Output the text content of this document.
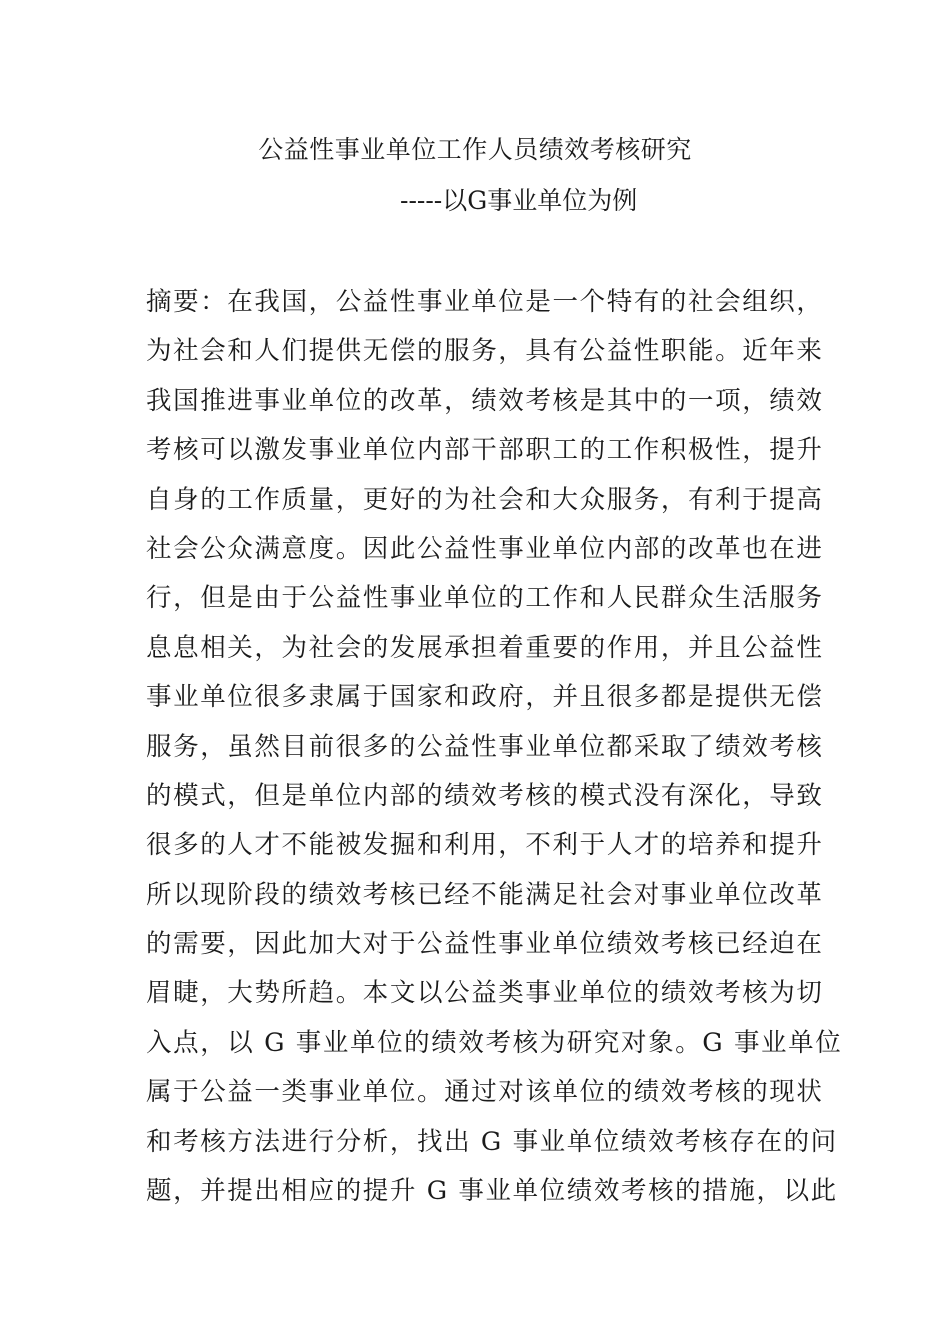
公益性事业单位工作人员绩效考核研究
-----以G事业单位为例
摘要：在我国，公益性事业单位是一个特有的社会组织，
为社会和人们提供无偿的服务，具有公益性职能。近年来
我国推进事业单位的改革，绩效考核是其中的一项，绩效
考核可以激发事业单位内部干部职工的工作积极性，提升
自身的工作质量，更好的为社会和大众服务，有利于提高
社会公众满意度。因此公益性事业单位内部的改革也在进
行，但是由于公益性事业单位的工作和人民群众生活服务
息息相关，为社会的发展承担着重要的作用，并且公益性
事业单位很多隶属于国家和政府，并且很多都是提供无偿
服务，虽然目前很多的公益性事业单位都采取了绩效考核
的模式，但是单位内部的绩效考核的模式没有深化，导致
很多的人才不能被发掘和利用，不利于人才的培养和提升
所以现阶段的绩效考核已经不能满足社会对事业单位改革
的需要，因此加大对于公益性事业单位绩效考核已经迫在
眉睫，大势所趋。本文以公益类事业单位的绩效考核为切
入点，以 G 事业单位的绩效考核为研究对象。G 事业单位
属于公益一类事业单位。通过对该单位的绩效考核的现状
和考核方法进行分析，找出 G 事业单位绩效考核存在的问
题，并提出相应的提升 G 事业单位绩效考核的措施，以此
